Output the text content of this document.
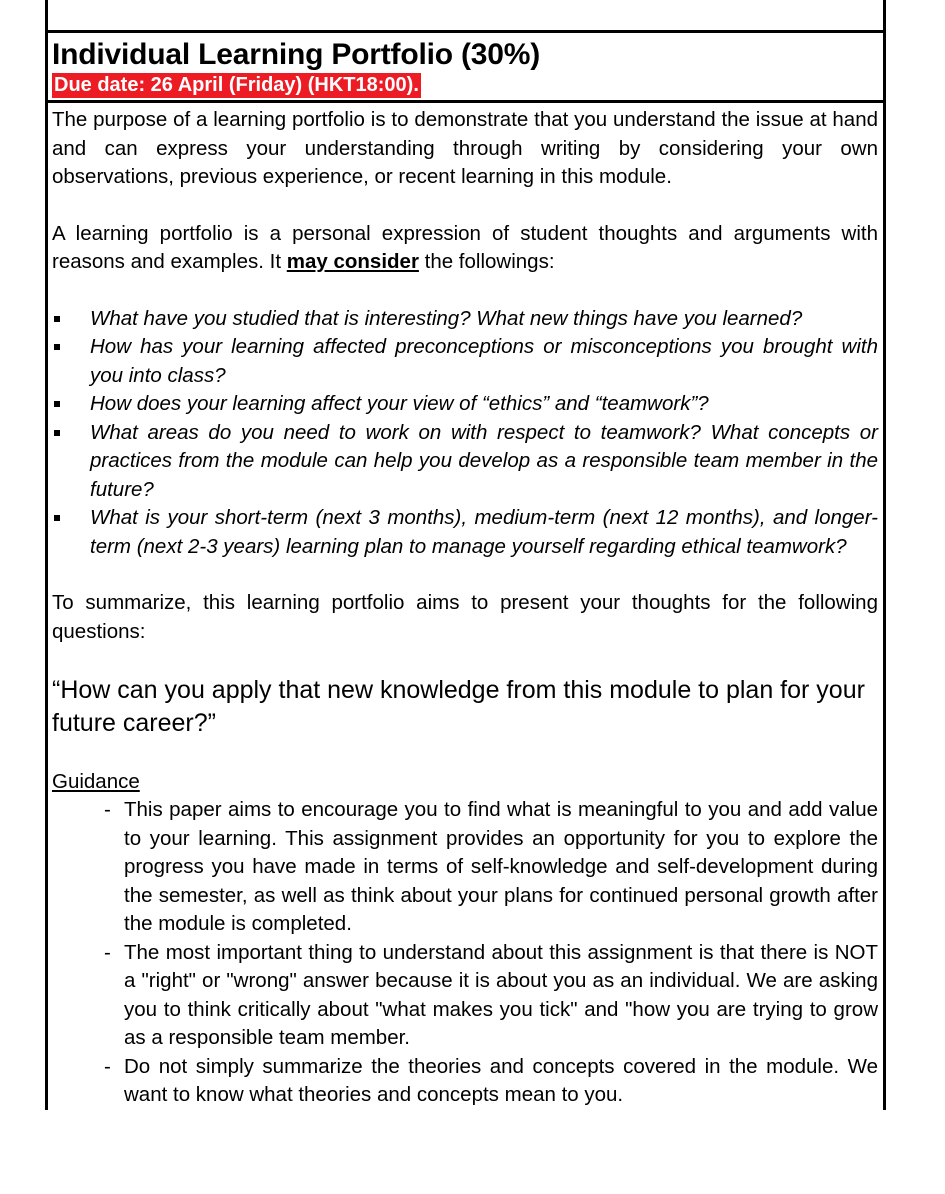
Individual Learning Portfolio (30%)
Due date: 26 April (Friday) (HKT18:00).

The purpose of a learning portfolio is to demonstrate that you understand the issue at hand and can express your understanding through writing by considering your own observations, previous experience, or recent learning in this module.

A learning portfolio is a personal expression of student thoughts and arguments with reasons and examples. It may consider the followings:

What have you studied that is interesting? What new things have you learned?
How has your learning affected preconceptions or misconceptions you brought with you into class?
How does your learning affect your view of “ethics” and “teamwork”?
What areas do you need to work on with respect to teamwork? What concepts or practices from the module can help you develop as a responsible team member in the future?
What is your short-term (next 3 months), medium-term (next 12 months), and longer-term (next 2-3 years) learning plan to manage yourself regarding ethical teamwork?

To summarize, this learning portfolio aims to present your thoughts for the following questions:

“How can you apply that new knowledge from this module to plan for your future career?”

Guidance
- This paper aims to encourage you to find what is meaningful to you and add value to your learning. This assignment provides an opportunity for you to explore the progress you have made in terms of self-knowledge and self-development during the semester, as well as think about your plans for continued personal growth after the module is completed.
- The most important thing to understand about this assignment is that there is NOT a "right" or "wrong" answer because it is about you as an individual. We are asking you to think critically about "what makes you tick" and "how you are trying to grow as a responsible team member.
- Do not simply summarize the theories and concepts covered in the module. We want to know what theories and concepts mean to you.
